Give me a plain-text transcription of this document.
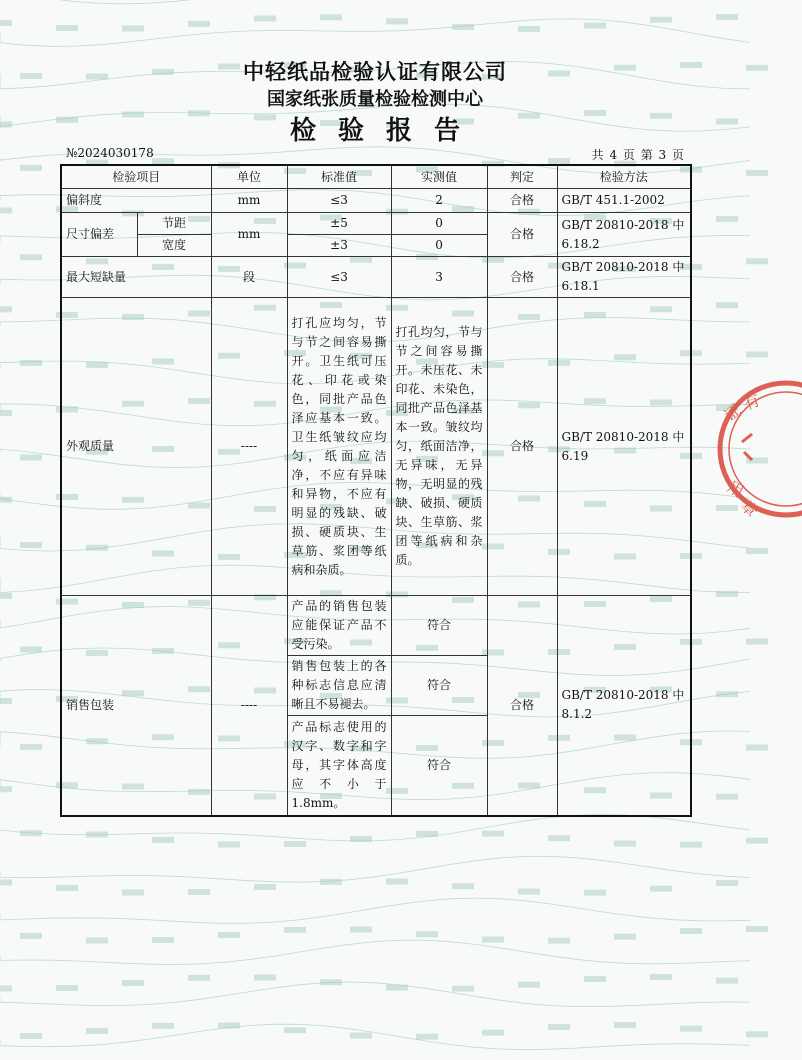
中轻纸品检验认证有限公司
国家纸张质量检验检测中心
检验报告
№2024030178	共 4 页 第 3 页
检验项目		单位	标准值	实测值	判定	检验方法
偏斜度		mm	≤3	2	合格	GB/T 451.1-2002
尺寸偏差	节距	mm	±5	0	合格	GB/T 20810-2018 中 6.18.2
	宽度		±3	0		
最大短缺量		段	≤3	3	合格	GB/T 20810-2018 中 6.18.1
外观质量		----	打孔应均匀，节与节之间容易撕开。卫生纸可压花、印花或染色，同批产品色泽应基本一致。卫生纸皱纹应均匀，纸面应洁净，不应有异味和异物，不应有明显的残缺、破损、硬质块、生草筋、浆团等纸病和杂质。	打孔均匀，节与节之间容易撕开。未压花、未印花、未染色，同批产品色泽基本一致。皱纹均匀，纸面洁净，无异味，无异物，无明显的残缺、破损、硬质块、生草筋、浆团等纸病和杂质。	合格	GB/T 20810-2018 中 6.19
销售包装		----	产品的销售包装应能保证产品不受污染。	符合	合格	GB/T 20810-2018 中 8.1.2
			销售包装上的各种标志信息应清晰且不易褪去。	符合		
			产品标志使用的汉字、数字和字母，其字体高度应不小于1.8mm。	符合		
证
有
用
章
